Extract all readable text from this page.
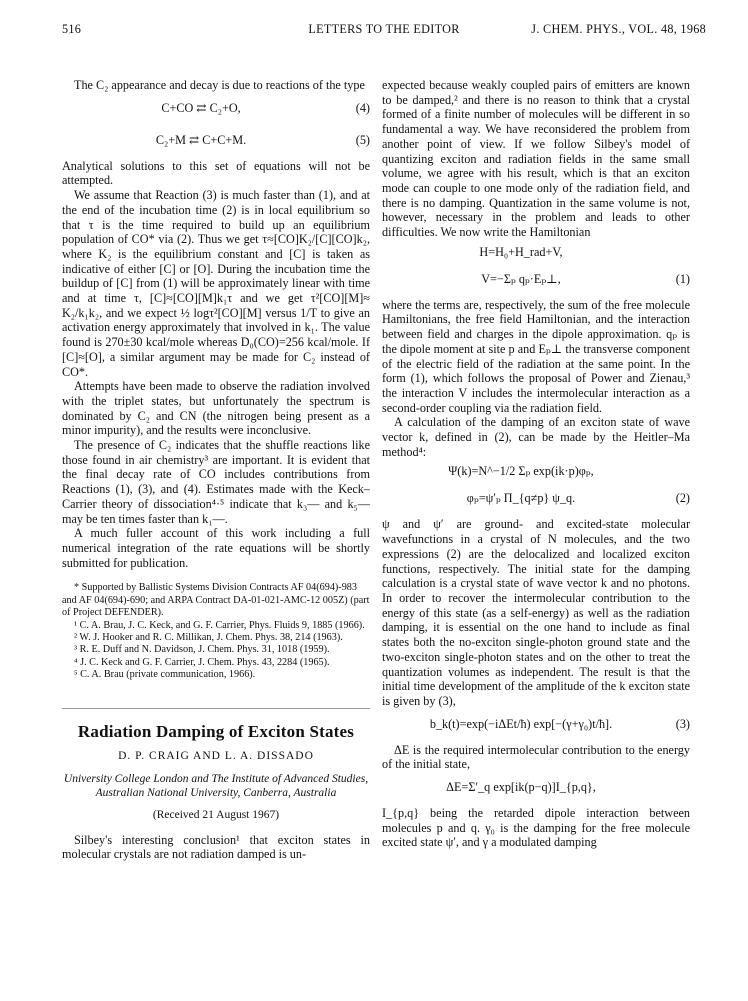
516	LETTERS TO THE EDITOR	J. CHEM. PHYS., VOL. 48, 1968

The C₂ appearance and decay is due to reactions of the type

C+CO ⇄ C₂+O,	(4)
C₂+M ⇄ C+C+M.	(5)

Analytical solutions to this set of equations will not be attempted.

We assume that Reaction (3) is much faster than (1), and at the end of the incubation time (2) is in local equilibrium so that τ is the time required to build up an equilibrium population of CO* via (2). Thus we get τ≈[CO]K₂/[C][CO]k₂, where K₂ is the equilibrium constant and [C] is taken as indicative of either [C] or [O]. During the incubation time the buildup of [C] from (1) will be approximately linear with time and at time τ, [C]≈[CO][M]k₁τ and we get τ²[CO][M]≈ K₂/k₁k₂, and we expect ½ logτ²[CO][M] versus 1/T to give an activation energy approximately that involved in k₁. The value found is 270±30 kcal/mole whereas D₀(CO)=256 kcal/mole. If [C]≈[O], a similar argument may be made for C₂ instead of CO*.

Attempts have been made to observe the radiation involved with the triplet states, but unfortunately the spectrum is dominated by C₂ and CN (the nitrogen being present as a minor impurity), and the results were inconclusive.

The presence of C₂ indicates that the shuffle reactions like those found in air chemistry³ are important. It is evident that the final decay rate of CO includes contributions from Reactions (1), (3), and (4). Estimates made with the Keck–Carrier theory of dissociation⁴·⁵ indicate that k₃— and k₅— may be ten times faster than k₁—.

A much fuller account of this work including a full numerical integration of the rate equations will be shortly submitted for publication.

* Supported by Ballistic Systems Division Contracts AF 04(694)-983 and AF 04(694)-690; and ARPA Contract DA-01-021-AMC-12 005Z) (part of Project DEFENDER).

¹ C. A. Brau, J. C. Keck, and G. F. Carrier, Phys. Fluids 9, 1885 (1966).

² W. J. Hooker and R. C. Millikan, J. Chem. Phys. 38, 214 (1963).

³ R. E. Duff and N. Davidson, J. Chem. Phys. 31, 1018 (1959).

⁴ J. C. Keck and G. F. Carrier, J. Chem. Phys. 43, 2284 (1965).

⁵ C. A. Brau (private communication, 1966).

Radiation Damping of Exciton States
D. P. CRAIG AND L. A. DISSADO
University College London and The Institute of Advanced Studies, Australian National University, Canberra, Australia
(Received 21 August 1967)

Silbey's interesting conclusion¹ that exciton states in molecular crystals are not radiation damped is un-

expected because weakly coupled pairs of emitters are known to be damped,² and there is no reason to think that a crystal formed of a finite number of molecules will be different in so fundamental a way. We have reconsidered the problem from another point of view. If we follow Silbey's model of quantizing exciton and radiation fields in the same small volume, we agree with his result, which is that an exciton mode can couple to one mode only of the radiation field, and there is no damping. Quantization in the same volume is not, however, necessary in the problem and leads to other difficulties. We now write the Hamiltonian

H=H₀+H_rad+V,
V=−Σₚ qₚ·Eₚ⊥,	(1)

where the terms are, respectively, the sum of the free molecule Hamiltonians, the free field Hamiltonian, and the interaction between field and charges in the dipole approximation. qₚ is the dipole moment at site p and Eₚ⊥ the transverse component of the electric field of the radiation at the same point. In the form (1), which follows the proposal of Power and Zienau,³ the interaction V includes the intermolecular interaction as a second-order coupling via the radiation field.

A calculation of the damping of an exciton state of wave vector k, defined in (2), can be made by the Heitler–Ma method⁴:

Ψ(k)=N^−1/2 Σₚ exp(ik·p)φₚ,
φₚ=ψ′ₚ Π_{q≠p} ψ_q.	(2)

ψ and ψ′ are ground- and excited-state molecular wavefunctions in a crystal of N molecules, and the two expressions (2) are the delocalized and localized exciton functions, respectively. The initial state for the damping calculation is a crystal state of wave vector k and no photons. In order to recover the intermolecular contribution to the energy of this state (as a self-energy) as well as the radiation damping, it is essential on the one hand to include as final states both the no-exciton single-photon ground state and the two-exciton single-photon states and on the other to treat the quantization volumes as independent. The result is that the initial time development of the amplitude of the k exciton state is given by (3),

b_k(t)=exp(−iΔEt/ħ) exp[−(γ+γ₀)t/ħ].	(3)

ΔE is the required intermolecular contribution to the energy of the initial state,

ΔE=Σ′_q exp[ik(p−q)]I_{p,q},

I_{p,q} being the retarded dipole interaction between molecules p and q. γ₀ is the damping for the free molecule excited state ψ′, and γ a modulated damping
